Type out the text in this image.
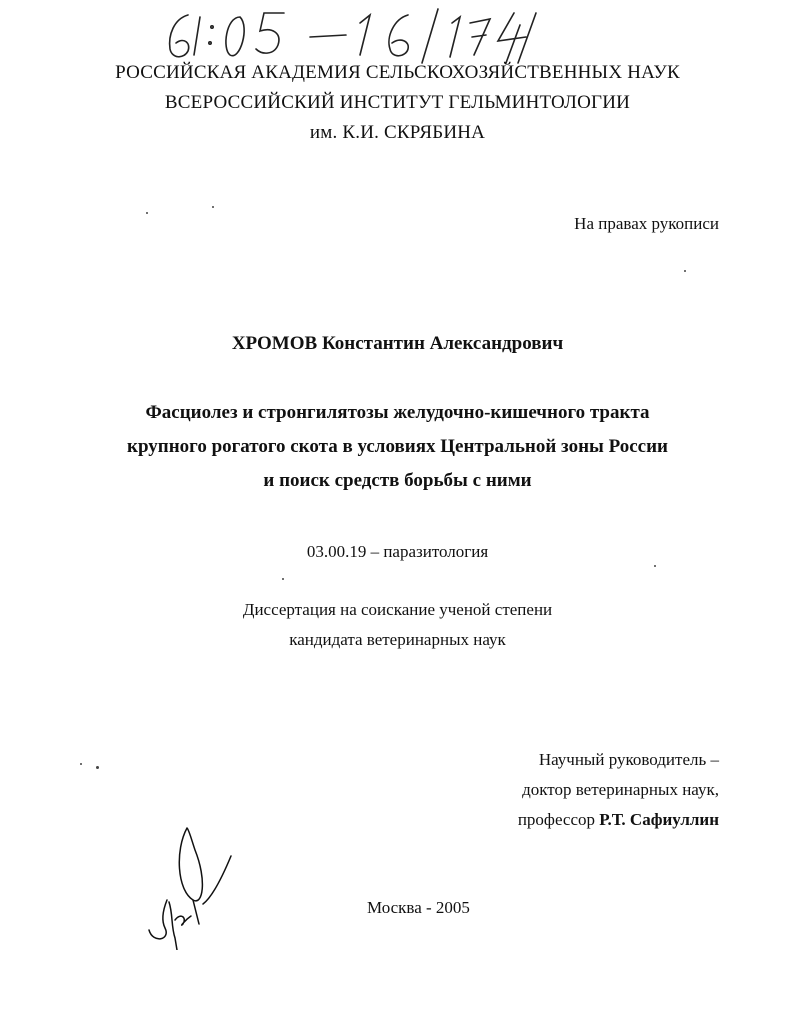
РОССИЙСКАЯ АКАДЕМИЯ СЕЛЬСКОХОЗЯЙСТВЕННЫХ НАУК
ВСЕРОССИЙСКИЙ ИНСТИТУТ ГЕЛЬМИНТОЛОГИИ
им. К.И. СКРЯБИНА
На правах рукописи
ХРОМОВ Константин Александрович
Фасциолез и стронгилятозы желудочно-кишечного тракта
крупного рогатого скота в условиях Центральной зоны России
и поиск средств борьбы с ними
03.00.19 – паразитология
Диссертация на соискание ученой степени
кандидата ветеринарных наук
Научный руководитель –
доктор ветеринарных наук,
профессор Р.Т. Сафиуллин
Москва - 2005
